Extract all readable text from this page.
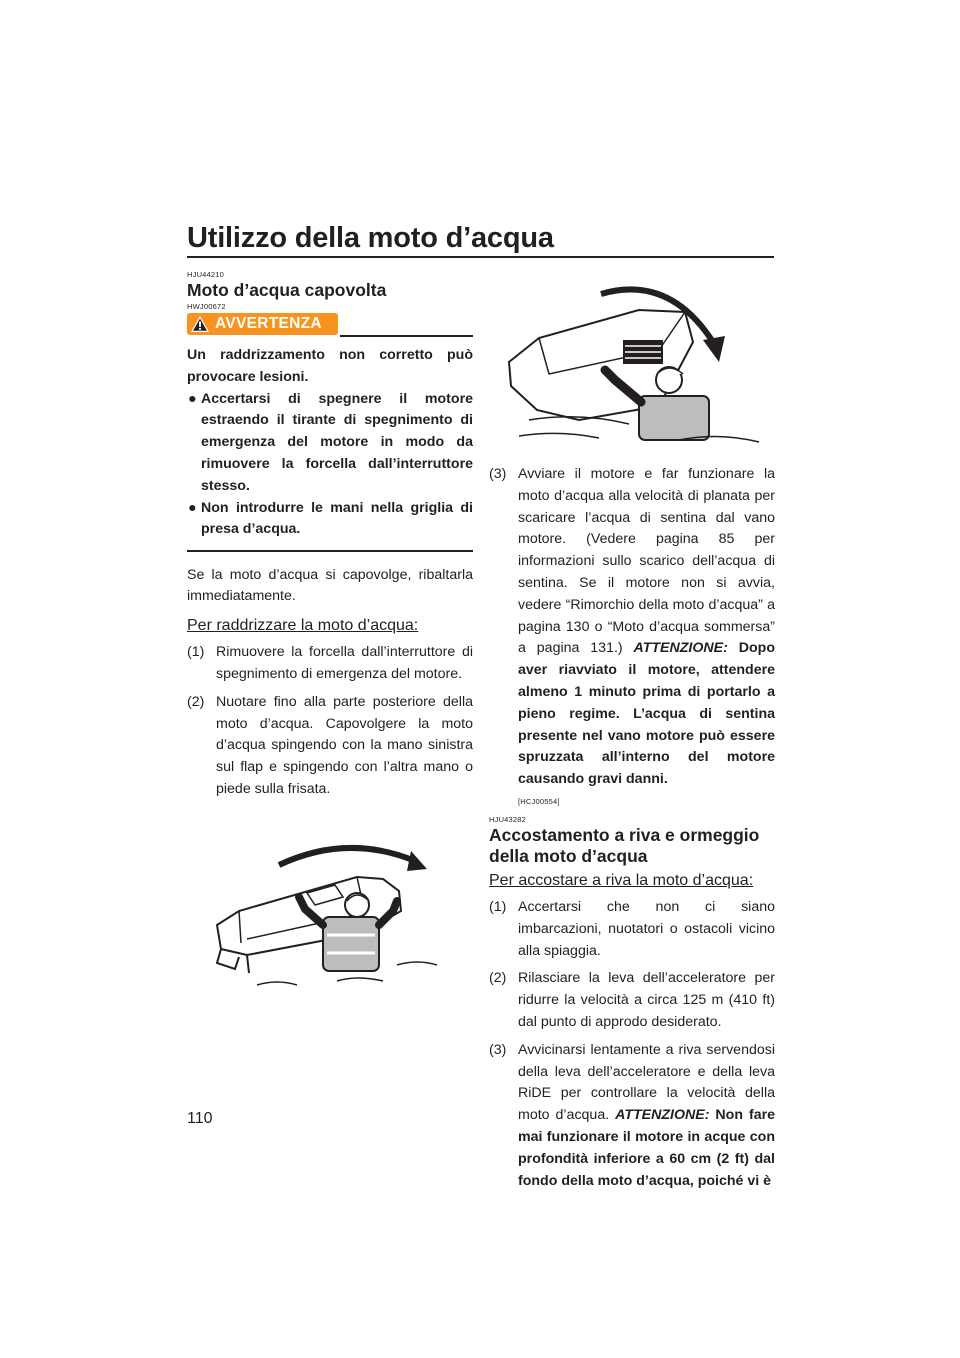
Utilizzo della moto d’acqua
HJU44210
Moto d’acqua capovolta
HWJ00672
AVVERTENZA

Un raddrizzamento non corretto può provocare lesioni.

● Accertarsi di spegnere il motore estraendo il tirante di spegnimento di emergenza del motore in modo da rimuovere la forcella dall’interruttore stesso.
● Non introdurre le mani nella griglia di presa d’acqua.

Se la moto d’acqua si capovolge, ribaltarla immediatamente.

Per raddrizzare la moto d’acqua:
(1) Rimuovere la forcella dall’interruttore di spegnimento di emergenza del motore.
(2) Nuotare fino alla parte posteriore della moto d’acqua. Capovolgere la moto d’acqua spingendo con la mano sinistra sul flap e spingendo con l’altra mano o piede sulla frisata.
(3) Avviare il motore e far funzionare la moto d’acqua alla velocità di planata per scaricare l’acqua di sentina dal vano motore. (Vedere pagina 85 per informazioni sullo scarico dell’acqua di sentina. Se il motore non si avvia, vedere “Rimorchio della moto d’acqua” a pagina 130 o “Moto d’acqua sommersa” a pagina 131.) ATTENZIONE: Dopo aver riavviato il motore, attendere almeno 1 minuto prima di portarlo a pieno regime. L’acqua di sentina presente nel vano motore può essere spruzzata all’interno del motore causando gravi danni.
[HCJ00554]
HJU43282
Accostamento a riva e ormeggio della moto d’acqua
Per accostare a riva la moto d’acqua:
(1) Accertarsi che non ci siano imbarcazioni, nuotatori o ostacoli vicino alla spiaggia.
(2) Rilasciare la leva dell’acceleratore per ridurre la velocità a circa 125 m (410 ft) dal punto di approdo desiderato.
(3) Avvicinarsi lentamente a riva servendosi della leva dell’acceleratore e della leva RiDE per controllare la velocità della moto d’acqua. ATTENZIONE: Non fare mai funzionare il motore in acque con profondità inferiore a 60 cm (2 ft) dal fondo della moto d’acqua, poiché vi è
110
